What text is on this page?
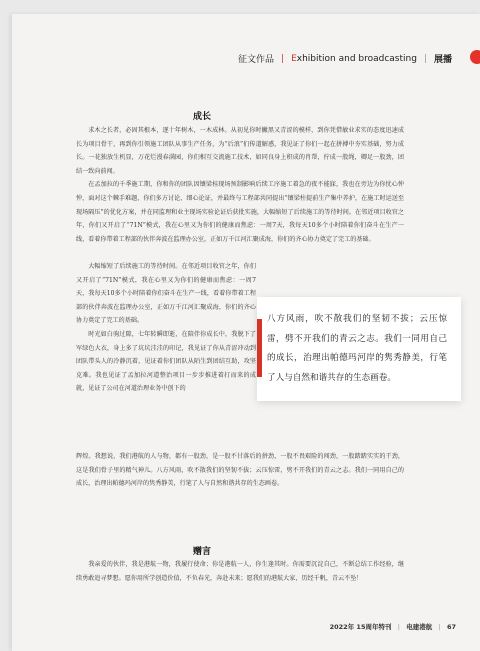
征文作品 | E xhibition and broadcasting | 展播
成长

求木之长者，必固其根本，逐十年树木，一木成林。从初见你时撇黑又青涩的模样，到你凭借敏业求实的态度迅速成长为项目骨干，再到你引领施工团队从事生产任务，为“后浪”们传道解惑，我见证了你们一起在拼搏中夯实基础，努力成长。一花独放生机显，万花烂漫春满园，你们相互交流施工技术，如同良身上积成的肖帮，拧成一股绳，卿足一股劲，团结一致向前闯。

在孟加拉的千季施工期，你和你的团队因镶梁桂现场预制影响后续工序施工着急的夜不能寐，我也在旁边为你忧心忡忡，面对这个棘手难题，你们多方讨论、细心论证，并最终与工程部共同提出“镶梁柱提前生产集中养护，在施工时运送至现场隔压”的优化方案，并在同监理和业主现场实验论证后获批实施，大幅缩短了后续施工的等待时间。在邻近项目收官之年，你们又开启了“71N”模式，我在心里又为你们的健康而焦虑：一周7天，我每天10多个小时陪着你们奋斗在生产一线，看着你带着工程部的伙伴奔波在监理办公室，正如万千江河汇聚成海，你们的齐心协力奠定了完工的基础。

大幅缩短了后续施工的等待时间。在邻近项目收官之年，你们又开启了“71N”模式，我在心里又为你们的健康而焦虑：一周7天，我每天10多个小时陪着你们奋斗在生产一线，看着你带着工程部的伙伴奔波在监理办公室，正如万千江河汇聚成海，你们的齐心协力奠定了完工的基础。

时光如白驹过隙，七年转瞬即逝，在陪伴你成长中，我脱下了军绿色大衣，身上多了坑坑洼洼的印记，我见证了你从青涩冲动到团队带头人的冷静沉着，见证着你们团队从陌生到团结互助，攻坚克难。我也见证了孟加拉河道整治项目一步步推进着打而来的成就，见证了公司在河道治理业务中创下的

辉煌。我想说，我们港航的人与物，都有一股劲，是一股不甘落后的拼劲，一股不畏艰险的闯劲，一股踏踏实实的干劲，这是我们骨子里的精气神儿。八方风雨，吹不散我们的坚韧不拔；云压惊雷，劈不开我们的青云之志。我们一同用自己的成长，治理出帕德玛河岸的隽秀静美，行笔了人与自然和谐共存的生态画卷。

赠言

我亲爱的伙伴，我是港航一物，我履行使命；你是港航一人，你生逢其时。你需要沉淀自己，不断总结工作经验，继续勇敢追寻梦想。愿你用所学创造价值，不负春光，奔赴未来；愿我们的港航大家，历经千帆，青云不坠！

2022年 15周年特刊 | 电建港航 | 67
八方风雨，吹不散我们的坚韧不拔；云压惊雷，劈不开我们的青云之志。我们一同用自己的成长，治理出帕德玛河岸的隽秀静美，行笔了人与自然和谐共存的生态画卷。
